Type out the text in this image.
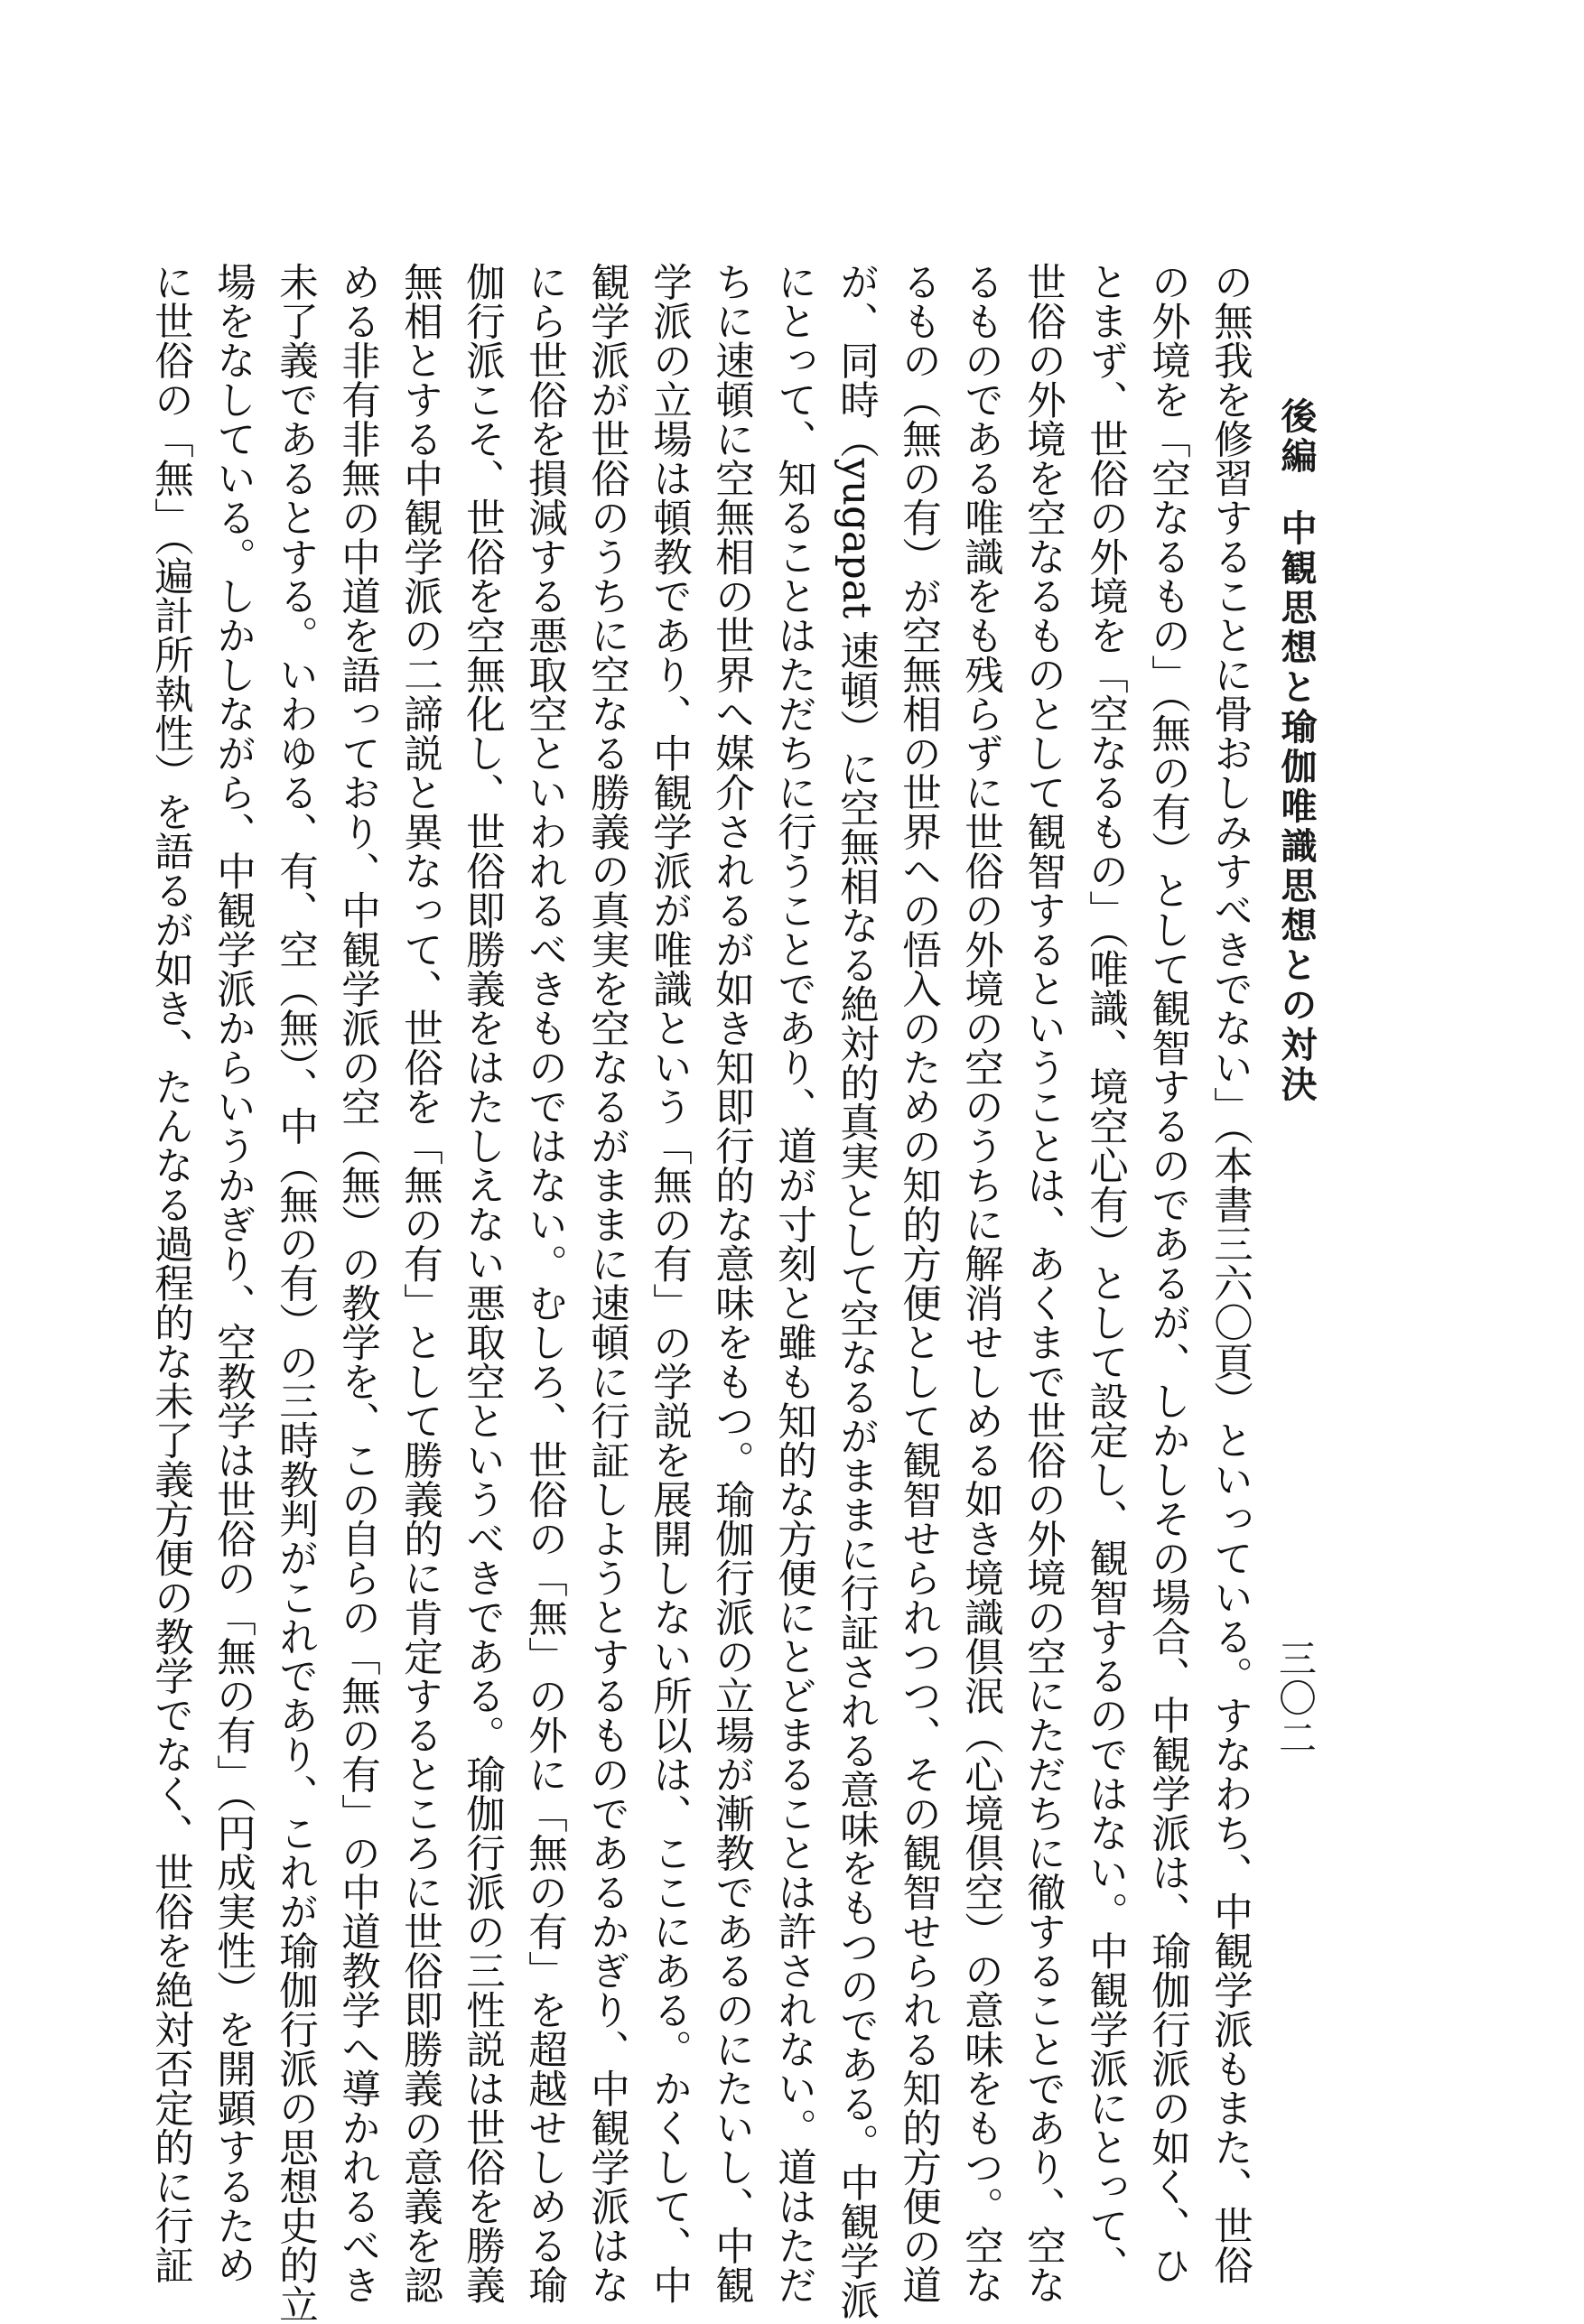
後編中観思想と瑜伽唯識思想との対決
三〇二
の無我を修習することに骨おしみすべきでない」（本書三六〇頁）といっている。すなわち、中観学派もまた、世俗
の外境を「空なるもの」（無の有）として観智するのであるが、しかしその場合、中観学派は、瑜伽行派の如く、ひ
とまず、世俗の外境を「空なるもの」（唯識、境空心有）として設定し、観智するのではない。中観学派にとって、
世俗の外境を空なるものとして観智するということは、あくまで世俗の外境の空にただちに徹することであり、空な
るものである唯識をも残らずに世俗の外境の空のうちに解消せしめる如き境識倶泯（心境倶空）の意味をもつ。空な
るもの（無の有）が空無相の世界への悟入のための知的方便として観智せられつつ、その観智せられる知的方便の道
が、同時（yugapat 速頓）に空無相なる絶対的真実として空なるがままに行証される意味をもつのである。中観学派
にとって、知ることはただちに行うことであり、道が寸刻と雖も知的な方便にとどまることは許されない。道はただ
ちに速頓に空無相の世界へ媒介されるが如き知即行的な意味をもつ。瑜伽行派の立場が漸教であるのにたいし、中観
学派の立場は頓教であり、中観学派が唯識という「無の有」の学説を展開しない所以は、ここにある。かくして、中
観学派が世俗のうちに空なる勝義の真実を空なるがままに速頓に行証しようとするものであるかぎり、中観学派はな
にら世俗を損減する悪取空といわれるべきものではない。むしろ、世俗の「無」の外に「無の有」を超越せしめる瑜
伽行派こそ、世俗を空無化し、世俗即勝義をはたしえない悪取空というべきである。瑜伽行派の三性説は世俗を勝義
無相とする中観学派の二諦説と異なって、世俗を「無の有」として勝義的に肯定するところに世俗即勝義の意義を認
める非有非無の中道を語っており、中観学派の空（無）の教学を、この自らの「無の有」の中道教学へ導かれるべき
未了義であるとする。いわゆる、有、空（無）、中（無の有）の三時教判がこれであり、これが瑜伽行派の思想史的立
場をなしている。しかしながら、中観学派からいうかぎり、空教学は世俗の「無の有」（円成実性）を開顕するため
に世俗の「無」（遍計所執性）を語るが如き、たんなる過程的な未了義方便の教学でなく、世俗を絶対否定的に行証
